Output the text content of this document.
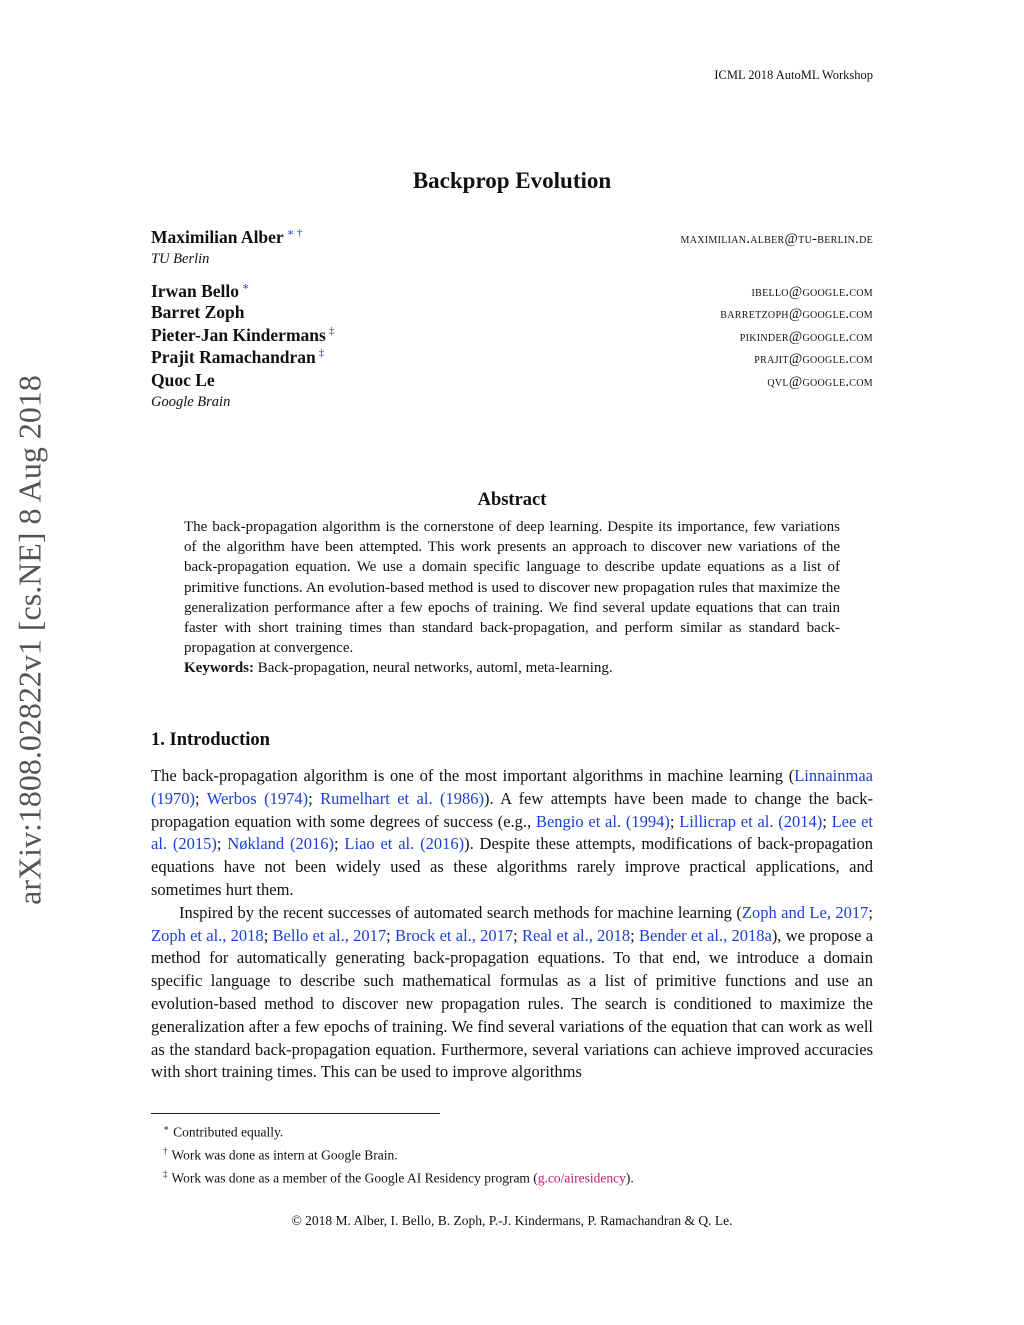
ICML 2018 AutoML Workshop
arXiv:1808.02822v1 [cs.NE] 8 Aug 2018
Backprop Evolution
Maximilian Alber ∗ †	maximilian.alber@tu-berlin.de
TU Berlin
Irwan Bello ∗	ibello@google.com
Barret Zoph	barretzoph@google.com
Pieter-Jan Kindermans ‡	pikinder@google.com
Prajit Ramachandran ‡	prajit@google.com
Quoc Le	qvl@google.com
Google Brain
Abstract
The back-propagation algorithm is the cornerstone of deep learning. Despite its importance, few variations of the algorithm have been attempted. This work presents an approach to discover new variations of the back-propagation equation. We use a domain specific language to describe update equations as a list of primitive functions. An evolution-based method is used to discover new propagation rules that maximize the generalization performance after a few epochs of training. We find several update equations that can train faster with short training times than standard back-propagation, and perform similar as standard back-propagation at convergence.
Keywords: Back-propagation, neural networks, automl, meta-learning.
1. Introduction

The back-propagation algorithm is one of the most important algorithms in machine learning (Linnainmaa (1970); Werbos (1974); Rumelhart et al. (1986)). A few attempts have been made to change the back-propagation equation with some degrees of success (e.g., Bengio et al. (1994); Lillicrap et al. (2014); Lee et al. (2015); Nøkland (2016); Liao et al. (2016)). Despite these attempts, modifications of back-propagation equations have not been widely used as these algorithms rarely improve practical applications, and sometimes hurt them.

Inspired by the recent successes of automated search methods for machine learning (Zoph and Le, 2017; Zoph et al., 2018; Bello et al., 2017; Brock et al., 2017; Real et al., 2018; Bender et al., 2018a), we propose a method for automatically generating back-propagation equations. To that end, we introduce a domain specific language to describe such mathematical formulas as a list of primitive functions and use an evolution-based method to discover new propagation rules. The search is conditioned to maximize the generalization after a few epochs of training. We find several variations of the equation that can work as well as the standard back-propagation equation. Furthermore, several variations can achieve improved accuracies with short training times. This can be used to improve algorithms

∗ Contributed equally.
† Work was done as intern at Google Brain.
‡ Work was done as a member of the Google AI Residency program (g.co/airesidency).
© 2018 M. Alber, I. Bello, B. Zoph, P.-J. Kindermans, P. Ramachandran & Q. Le.
